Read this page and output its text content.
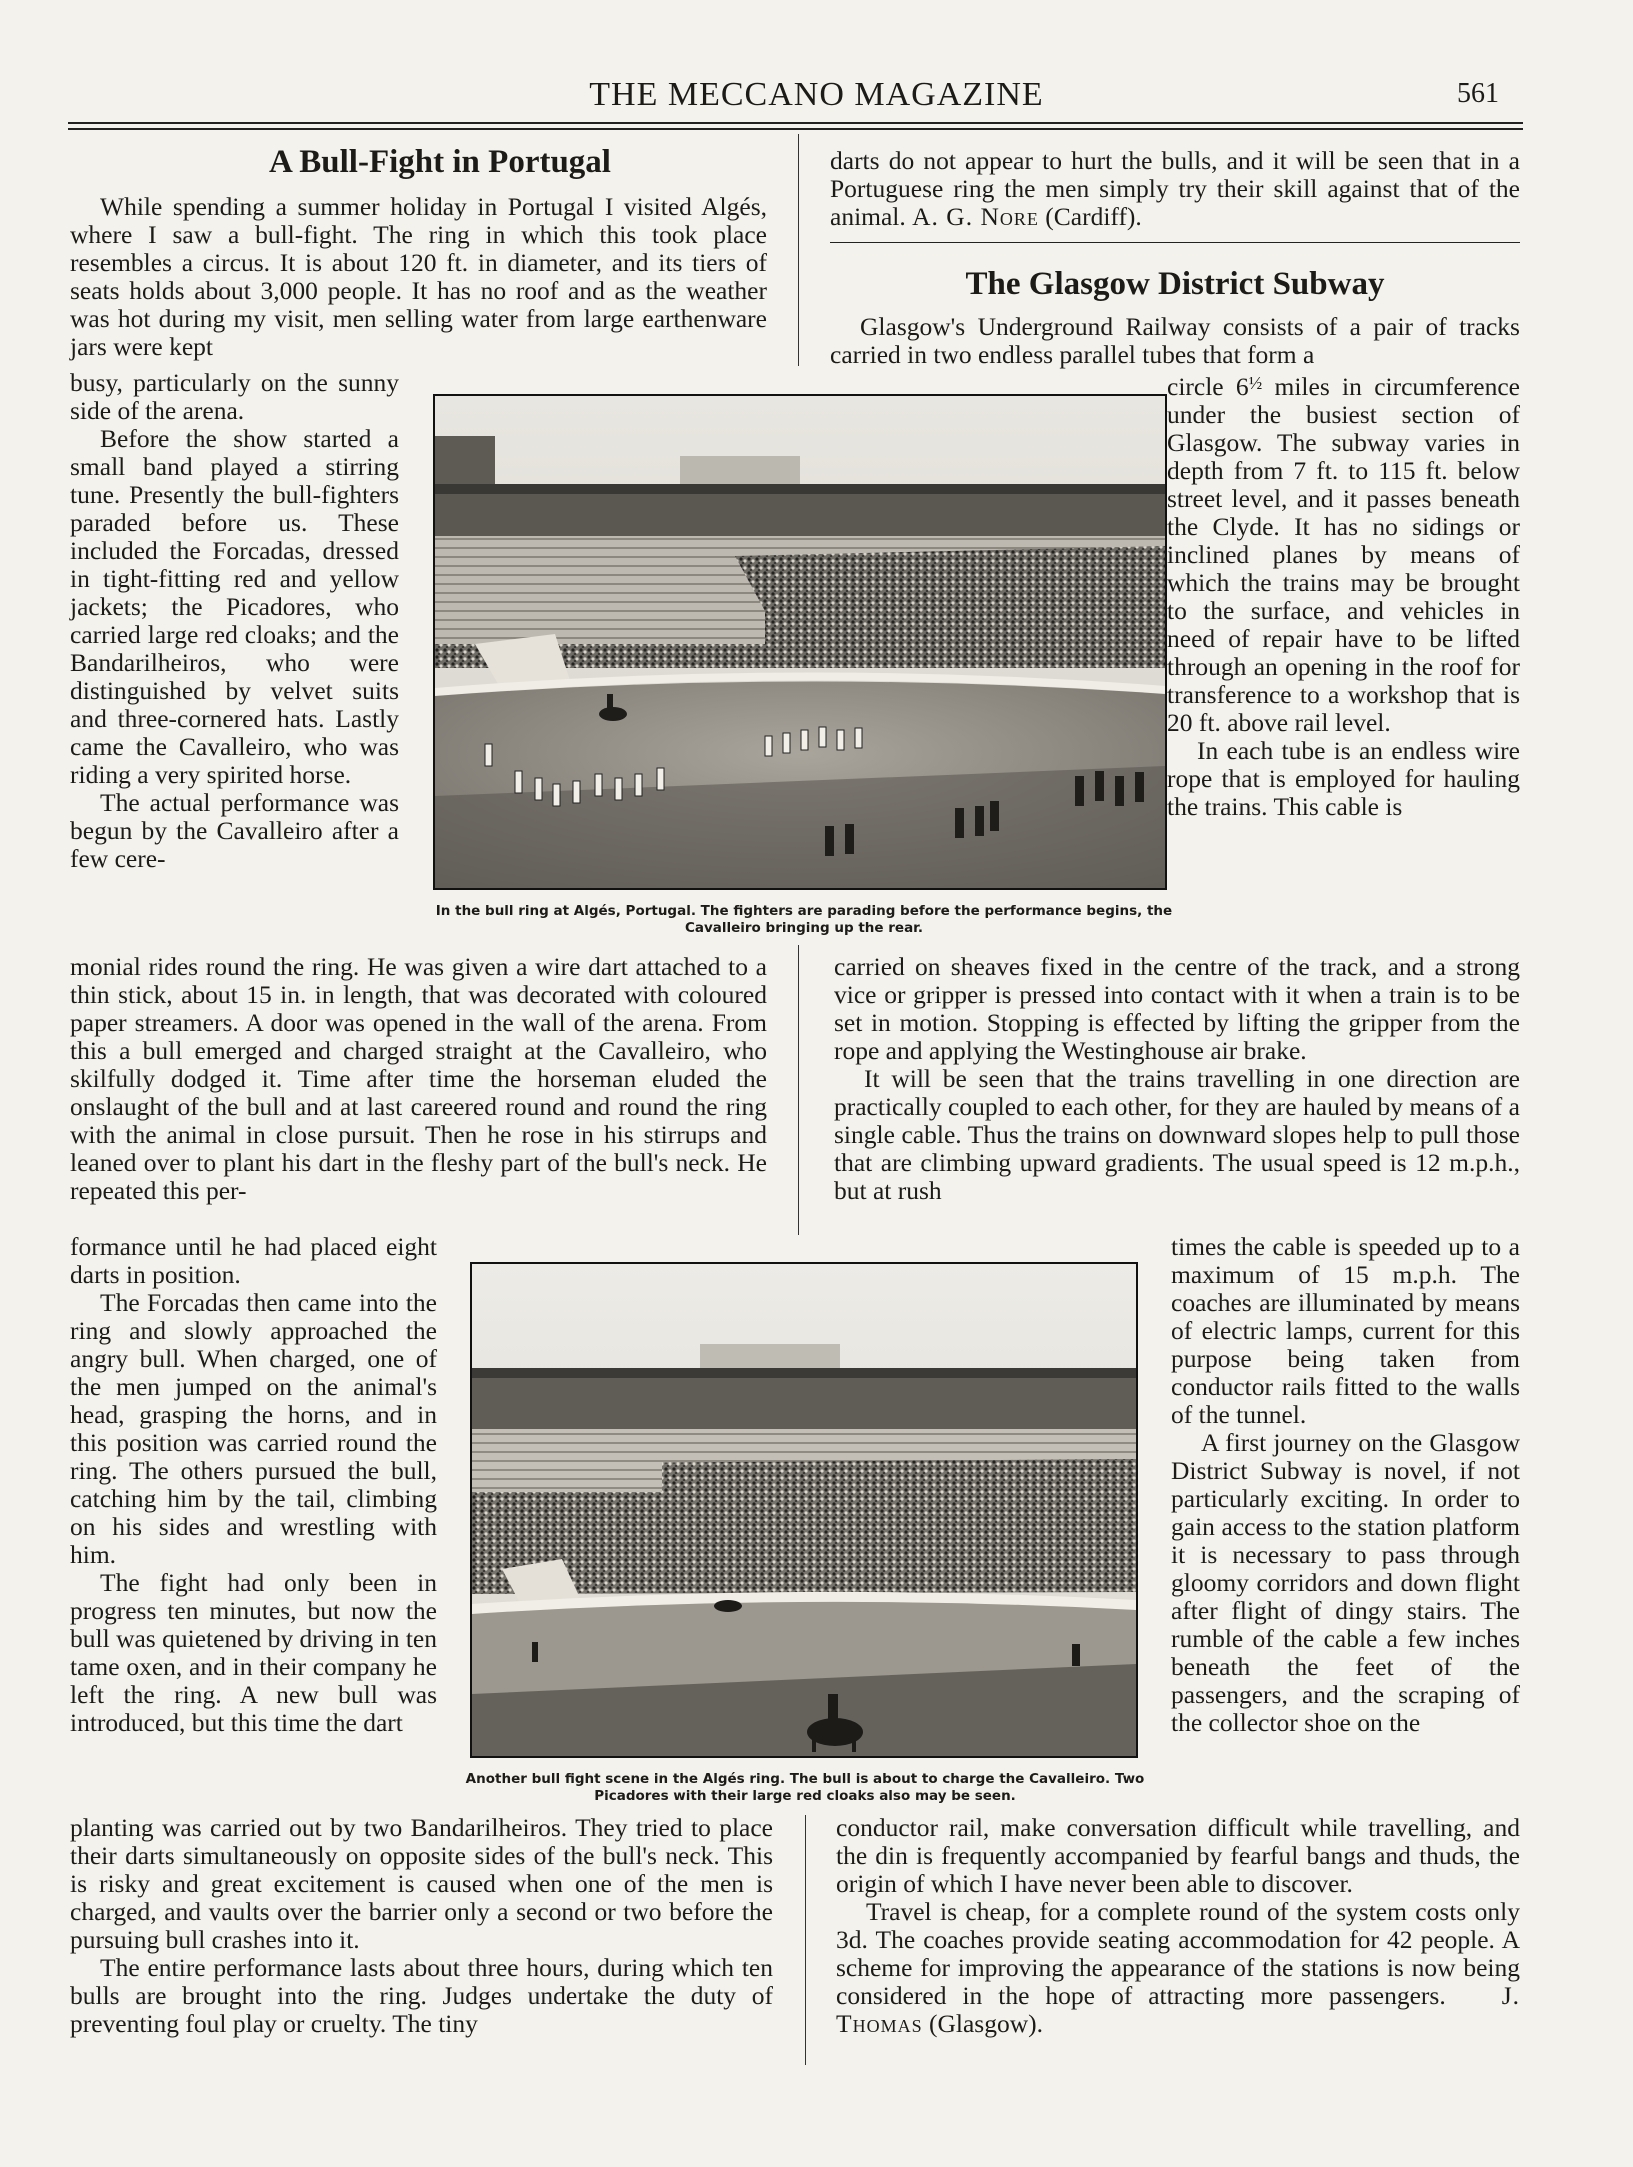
THE MECCANO MAGAZINE	561
A Bull-Fight in Portugal

While spending a summer holiday in Portugal I visited Algés, where I saw a bull-fight. The ring in which this took place resembles a circus. It is about 120 ft. in diameter, and its tiers of seats holds about 3,000 people. It has no roof and as the weather was hot during my visit, men selling water from large earthenware jars were kept

busy, particularly on the sunny side of the arena.

Before the show started a small band played a stirring tune. Presently the bull-fighters paraded before us. These included the Forcadas, dressed in tight-fitting red and yellow jackets; the Picadores, who carried large red cloaks; and the Bandarilheiros, who were distinguished by velvet suits and three-cornered hats. Lastly came the Cavalleiro, who was riding a very spirited horse.

The actual performance was begun by the Cavalleiro after a few cere-

monial rides round the ring. He was given a wire dart attached to a thin stick, about 15 in. in length, that was decorated with coloured paper streamers. A door was opened in the wall of the arena. From this a bull emerged and charged straight at the Cavalleiro, who skilfully dodged it. Time after time the horseman eluded the onslaught of the bull and at last careered round and round the ring with the animal in close pursuit. Then he rose in his stirrups and leaned over to plant his dart in the fleshy part of the bull's neck. He repeated this per-

formance until he had placed eight darts in position.

The Forcadas then came into the ring and slowly approached the angry bull. When charged, one of the men jumped on the animal's head, grasping the horns, and in this position was carried round the ring. The others pursued the bull, catching him by the tail, climbing on his sides and wrestling with him.

The fight had only been in progress ten minutes, but now the bull was quietened by driving in ten tame oxen, and in their company he left the ring. A new bull was introduced, but this time the dart

planting was carried out by two Bandarilheiros. They tried to place their darts simultaneously on opposite sides of the bull's neck. This is risky and great excitement is caused when one of the men is charged, and vaults over the barrier only a second or two before the pursuing bull crashes into it.

The entire performance lasts about three hours, during which ten bulls are brought into the ring. Judges undertake the duty of preventing foul play or cruelty. The tiny

darts do not appear to hurt the bulls, and it will be seen that in a Portuguese ring the men simply try their skill against that of the animal. A. G. Nore (Cardiff).

The Glasgow District Subway

Glasgow's Underground Railway consists of a pair of tracks carried in two endless parallel tubes that form a

circle $6^{\frac{1}{2}}$ miles in circumference under the busiest section of Glasgow. The subway varies in depth from 7 ft. to 115 ft. below street level, and it passes beneath the Clyde. It has no sidings or inclined planes by means of which the trains may be brought to the surface, and vehicles in need of repair have to be lifted through an opening in the roof for transference to a workshop that is 20 ft. above rail level.

In each tube is an endless wire rope that is employed for hauling the trains. This cable is

carried on sheaves fixed in the centre of the track, and a strong vice or gripper is pressed into contact with it when a train is to be set in motion. Stopping is effected by lifting the gripper from the rope and applying the Westinghouse air brake.

It will be seen that the trains travelling in one direction are practically coupled to each other, for they are hauled by means of a single cable. Thus the trains on downward slopes help to pull those that are climbing upward gradients. The usual speed is 12 m.p.h., but at rush

times the cable is speeded up to a maximum of 15 m.p.h. The coaches are illuminated by means of electric lamps, current for this purpose being taken from conductor rails fitted to the walls of the tunnel.

A first journey on the Glasgow District Subway is novel, if not particularly exciting. In order to gain access to the station platform it is necessary to pass through gloomy corridors and down flight after flight of dingy stairs. The rumble of the cable a few inches beneath the feet of the passengers, and the scraping of the collector shoe on the

conductor rail, make conversation difficult while travelling, and the din is frequently accompanied by fearful bangs and thuds, the origin of which I have never been able to discover.

Travel is cheap, for a complete round of the system costs only 3d. The coaches provide seating accommodation for 42 people. A scheme for improving the appearance of the stations is now being considered in the hope of attracting more passengers. J. Thomas (Glasgow).

In the bull ring at Algés, Portugal. The fighters are parading before the performance begins, the Cavalleiro bringing up the rear.
Another bull fight scene in the Algés ring. The bull is about to charge the Cavalleiro. Two Picadores with their large red cloaks also may be seen.
